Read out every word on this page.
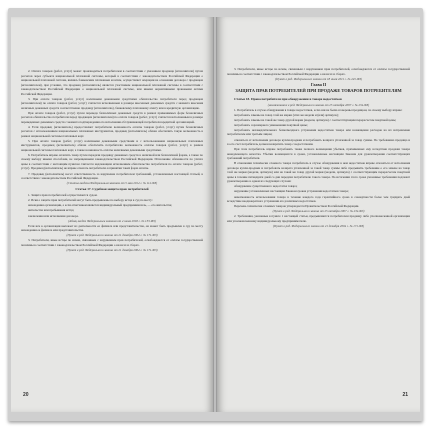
2. Оплата товаров (работ, услуг) может производиться потребителем в соответствии с указанием продавца (исполнителя) путем расчетов через субъекта национальной платежной системы, который в соответствии с законодательством Российской Федерации о национальной платежной системе, являясь банковским платежным агентом, осуществляет операции на основании договора с продавцом (исполнителем), при условии, что продавец (исполнитель) является участником национальной платежной системы в соответствии с законодательством Российской Федерации о национальной платежной системе, или иными нормативными правовыми актами Российской Федерации.

3. При оплате товаров (работ, услуг) наличными денежными средствами обязательство потребителя перед продавцом (исполнителем) по оплате товаров (работ, услуг) считается исполненным в размере внесенных денежных средств с момента внесения наличных денежных средств соответственно продавцу (исполнителю), банковскому платежному агенту или в кредитную организацию.

При оплате товаров (работ, услуг) путем перевода безналичных денежных средств в рамках применяемых форм безналичных расчетов обязательство потребителя перед продавцом (исполнителем) по оплате товаров (работ, услуг) считается исполненным в размере переведенных денежных средств с момента подтверждения его исполнения обслуживающей потребителя кредитной организацией.

4. Если продавец (исполнитель) предоставляет потребителю возможность оплаты товаров (работ, услуг) путем безналичных расчетов с использованием национальных платежных инструментов, продавец (исполнитель) обязан обеспечить такую возможность в рамках национальной системы платежных карт.

5. При оплате товаров (работ, услуг) наличными денежными средствами и с использованием национальных платежных инструментов, продавец (исполнитель) обязан обеспечить потребителю возможность оплаты товаров (работ, услуг) в рамках национальной системы платежных карт, а также возможность оплаты наличными денежными средствами.

6. Потребитель вправе оплатить товар путем передачи продавцу денежных средств в наличной или безналичной форме, а также по своему выбору иными способами, не запрещенными законодательством Российской Федерации. Исполнение обязанности по уплате цены в соответствии с настоящим пунктом считается надлежащим исполнением обязательства потребителя по оплате товаров (работ, услуг). Продавец (исполнитель) не вправе отказать потребителю в принятии таких форм оплаты.

7. Продавец (исполнитель) несет ответственность за нарушение потребителем требований, установленных настоящей статьей, в соответствии с законодательством Российской Федерации.

(Статья введена Федеральным законом от 5 мая 2014 г. № 112-ФЗ)

Статья 17. Судебная защита прав потребителей

1. Защита прав потребителей осуществляется судом.

2. Иски о защите прав потребителей могут быть предъявлены по выбору истца в суд по месту:

нахождения организации, а если ответчиком является индивидуальный предприниматель, — его жительства;

жительства или пребывания истца;

заключения или исполнения договора.

(Абзац введен Федеральным законом от 4 июня 2018 г. № 133-ФЗ)

Если иск к организации вытекает из деятельности ее филиала или представительства, он может быть предъявлен в суд по месту нахождения ее филиала или представительства.

(Пункт в ред. Федерального закона от 21 декабря 2004 г. № 171-ФЗ)

3. Потребители, иные истцы по искам, связанным с нарушением прав потребителей, освобождаются от оплаты государственной пошлины в соответствии с законодательством Российской Федерации о налогах и сборах.

(Пункт в ред. Федерального закона от 21 декабря 2004 г. № 171-ФЗ)

20

3. Потребители, иные истцы по искам, связанным с нарушением прав потребителей, освобождаются от оплаты государственной пошлины в соответствии с законодательством Российской Федерации о налогах и сборах.

(Пункт в ред. Федерального закона от 18 июля 2011 г. № 245-ФЗ)

Глава II
ЗАЩИТА ПРАВ ПОТРЕБИТЕЛЕЙ ПРИ ПРОДАЖЕ ТОВАРОВ ПОТРЕБИТЕЛЯМ

Статья 18. Права потребителя при обнаружении в товаре недостатков

(наименование в ред. Федерального закона от 25 октября 2007 г. № 234-ФЗ)

1. Потребитель в случае обнаружения в товаре недостатков, если они не были оговорены продавцом, по своему выбору вправе:

потребовать замены на товар этой же марки (этих же модели и (или) артикула);

потребовать замены на такой же товар другой марки (модели, артикула) с соответствующим перерасчетом покупной цены;

потребовать соразмерного уменьшения покупной цены;

потребовать незамедлительного безвозмездного устранения недостатков товара или возмещения расходов на их исправление потребителем или третьим лицом;

отказаться от исполнения договора купли-продажи и потребовать возврата уплаченной за товар суммы. По требованию продавца и за его счет потребитель должен возвратить товар с недостатками.

При этом потребитель вправе потребовать также полного возмещения убытков, причиненных ему вследствие продажи товара ненадлежащего качества. Убытки возмещаются в сроки, установленные настоящим Законом для удовлетворения соответствующих требований потребителя.

В отношении технически сложного товара потребитель в случае обнаружения в нем недостатков вправе отказаться от исполнения договора купли-продажи и потребовать возврата уплаченной за такой товар суммы либо предъявить требование о его замене на товар этой же марки (модели, артикула) или на такой же товар другой марки (модели, артикула) с соответствующим перерасчетом покупной цены в течение пятнадцати дней со дня передачи потребителю такого товара. По истечении этого срока указанные требования подлежат удовлетворению в одном из следующих случаев:

обнаружение существенного недостатка товара;

нарушение установленных настоящим Законом сроков устранения недостатков товара;

невозможность использования товара в течение каждого года гарантийного срока в совокупности более чем тридцать дней вследствие неоднократного устранения его различных недостатков.

Перечень технически сложных товаров утверждается Правительством Российской Федерации.

(Пункт в ред. Федерального закона от 25 октября 2007 г. № 234-ФЗ)

2. Требования, указанные в пункте 1 настоящей статьи, предъявляются потребителем продавцу либо уполномоченной организации или уполномоченному индивидуальному предпринимателю.

(Пункт в ред. Федерального закона от 21 декабря 2004 г. № 171-ФЗ)

21
